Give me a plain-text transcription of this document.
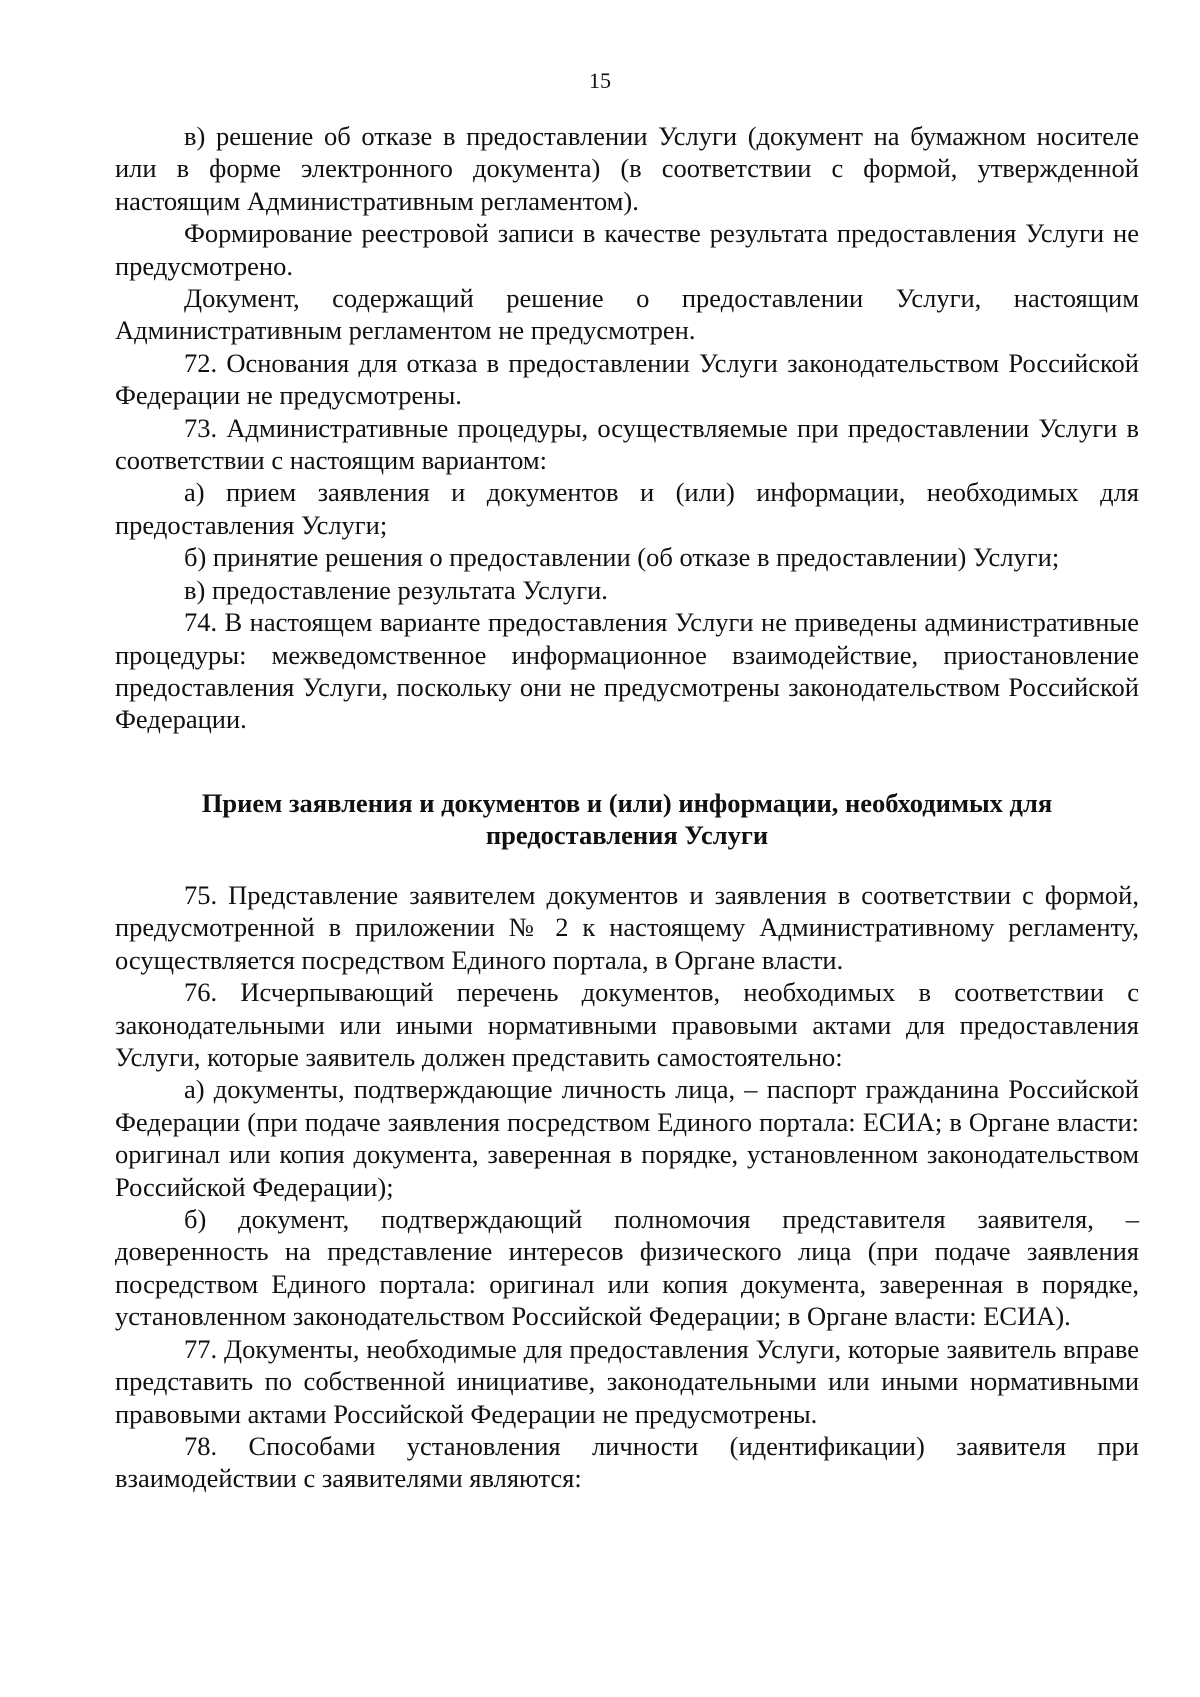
15

в) решение об отказе в предоставлении Услуги (документ на бумажном носителе или в форме электронного документа) (в соответствии с формой, утвержденной настоящим Административным регламентом).

Формирование реестровой записи в качестве результата предоставления Услуги не предусмотрено.

Документ, содержащий решение о предоставлении Услуги, настоящим Административным регламентом не предусмотрен.

72. Основания для отказа в предоставлении Услуги законодательством Российской Федерации не предусмотрены.

73. Административные процедуры, осуществляемые при предоставлении Услуги в соответствии с настоящим вариантом:

а) прием заявления и документов и (или) информации, необходимых для предоставления Услуги;

б) принятие решения о предоставлении (об отказе в предоставлении) Услуги;

в) предоставление результата Услуги.

74. В настоящем варианте предоставления Услуги не приведены административные процедуры: межведомственное информационное взаимодействие, приостановление предоставления Услуги, поскольку они не предусмотрены законодательством Российской Федерации.

Прием заявления и документов и (или) информации, необходимых для
предоставления Услуги

75. Представление заявителем документов и заявления в соответствии с формой, предусмотренной в приложении № 2 к настоящему Административному регламенту, осуществляется посредством Единого портала, в Органе власти.

76. Исчерпывающий перечень документов, необходимых в соответствии с законодательными или иными нормативными правовыми актами для предоставления Услуги, которые заявитель должен представить самостоятельно:

а) документы, подтверждающие личность лица, – паспорт гражданина Российской Федерации (при подаче заявления посредством Единого портала: ЕСИА; в Органе власти: оригинал или копия документа, заверенная в порядке, установленном законодательством Российской Федерации);

б) документ, подтверждающий полномочия представителя заявителя, – доверенность на представление интересов физического лица (при подаче заявления посредством Единого портала: оригинал или копия документа, заверенная в порядке, установленном законодательством Российской Федерации; в Органе власти: ЕСИА).

77. Документы, необходимые для предоставления Услуги, которые заявитель вправе представить по собственной инициативе, законодательными или иными нормативными правовыми актами Российской Федерации не предусмотрены.

78. Способами установления личности (идентификации) заявителя при взаимодействии с заявителями являются:
